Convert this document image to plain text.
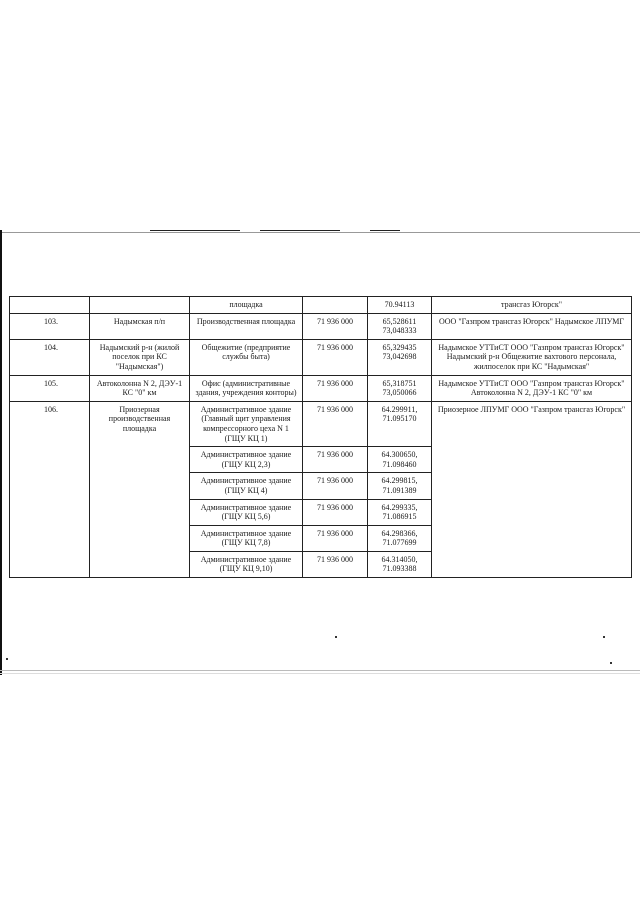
		площадка		70.94113	трансгаз Югорск"
103.	Надымская п/п	Производственная площадка	71 936 000	65,528611
73,048333	ООО "Газпром трансгаз Югорск" Надымское ЛПУМГ
104.	Надымский р-н (жилой поселок при КС "Надымская")	Общежитие (предприятие службы быта)	71 936 000	65,329435
73,042698	Надымское УТТиСТ ООО "Газпром трансгаз Югорск" Надымский р-н Общежитие вахтового персонала, жилпоселок при КС "Надымская"
105.	Автоколонна N 2, ДЭУ-1 КС "0" км	Офис (административные здания, учреждения конторы)	71 936 000	65,318751
73,050066	Надымское УТТиСТ ООО "Газпром трансгаз Югорск" Автоколонна N 2, ДЭУ-1 КС "0" км
106.	Приозерная производственная площадка	Административное здание (Главный щит управления компрессорного цеха N 1 (ГЩУ КЦ 1)	71 936 000	64.299911,
71.095170	Приозерное ЛПУМГ ООО "Газпром трансгаз Югорск"
		Административное здание (ГЩУ КЦ 2,3)	71 936 000	64.300650,
71.098460	

		Административное здание (ГЩУ КЦ 4)	71 936 000	64.299815,
71.091389	

		Административное здание (ГЩУ КЦ 5,6)	71 936 000	64.299335,
71.086915	

		Административное здание (ГЩУ КЦ 7,8)	71 936 000	64.298366,
71.077699	

		Административное здание (ГЩУ КЦ 9,10)	71 936 000	64.314050,
71.093388	
